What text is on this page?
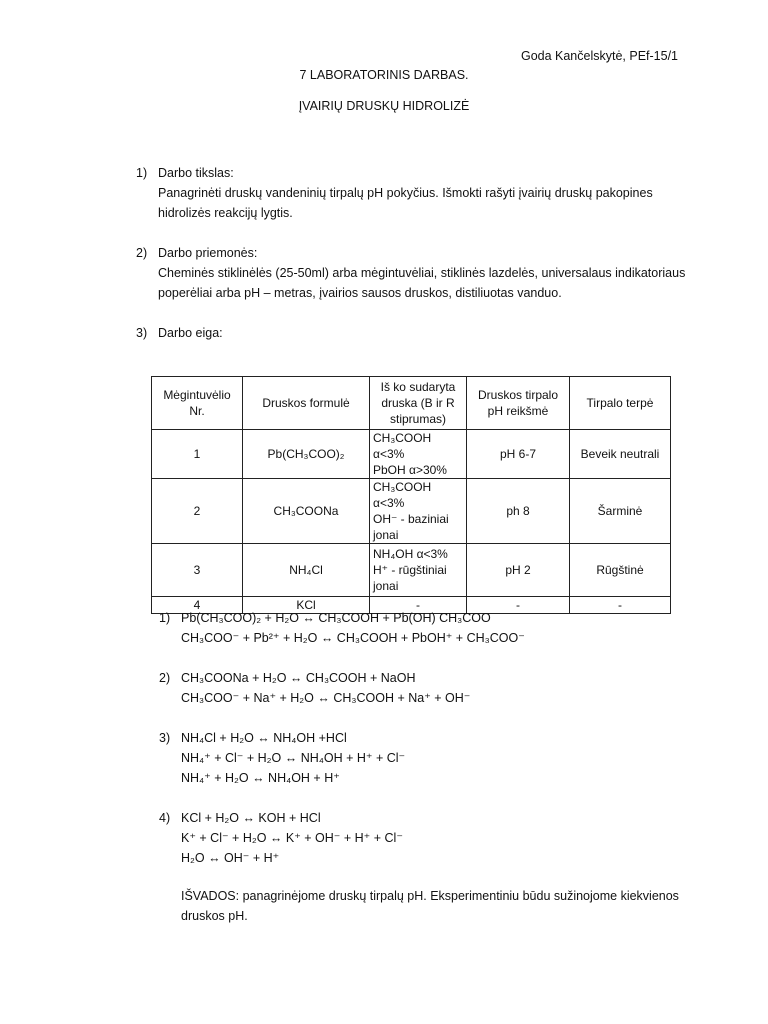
Goda Kančelskytė, PEf-15/1
7 LABORATORINIS DARBAS.
ĮVAIRIŲ DRUSKŲ HIDROLIZĖ
1) Darbo tikslas:
Panagrinėti druskų vandeninių tirpalų pH pokyčius. Išmokti rašyti įvairių druskų pakopines hidrolizės reakcijų lygtis.
2) Darbo priemonės:
Cheminės stiklinėlės (25-50ml) arba mėgintuvėliai, stiklinės lazdelės, universalaus indikatoriaus poperėliai arba pH – metras, įvairios sausos druskos, distiliuotas vanduo.
3) Darbo eiga:
Mėgintuvėlio Nr.	Druskos formulė	Iš ko sudaryta druska (B ir R stiprumas)	Druskos tirpalo pH reikšmė	Tirpalo terpė
1	Pb(CH₃COO)₂	CH₃COOH α<3%
PbOH α>30%	pH 6-7	Beveik neutrali
2	CH₃COONa	CH₃COOH α<3%
OH⁻ - baziniai
jonai	ph 8	Šarminė
3	NH₄Cl	NH₄OH α<3%
H⁺ - rūgštiniai
jonai	pH 2	Rūgštinė
4	KCl	-	-	-
1) Pb(CH₃COO)₂ + H₂O ↔ CH₃COOH + Pb(OH) CH₃COO
CH₃COO⁻ + Pb²⁺ + H₂O ↔ CH₃COOH + PbOH⁺ + CH₃COO⁻
2) CH₃COONa + H₂O ↔ CH₃COOH + NaOH
CH₃COO⁻ + Na⁺ + H₂O ↔ CH₃COOH + Na⁺ + OH⁻
3) NH₄Cl + H₂O ↔ NH₄OH +HCl
NH₄⁺ + Cl⁻ + H₂O ↔ NH₄OH + H⁺ + Cl⁻
NH₄⁺ + H₂O ↔ NH₄OH + H⁺
4) KCl + H₂O ↔ KOH + HCl
K⁺ + Cl⁻ + H₂O ↔ K⁺ + OH⁻ + H⁺ + Cl⁻
H₂O ↔ OH⁻ + H⁺
IŠVADOS: panagrinėjome druskų tirpalų pH. Eksperimentiniu būdu sužinojome kiekvienos druskos pH.
